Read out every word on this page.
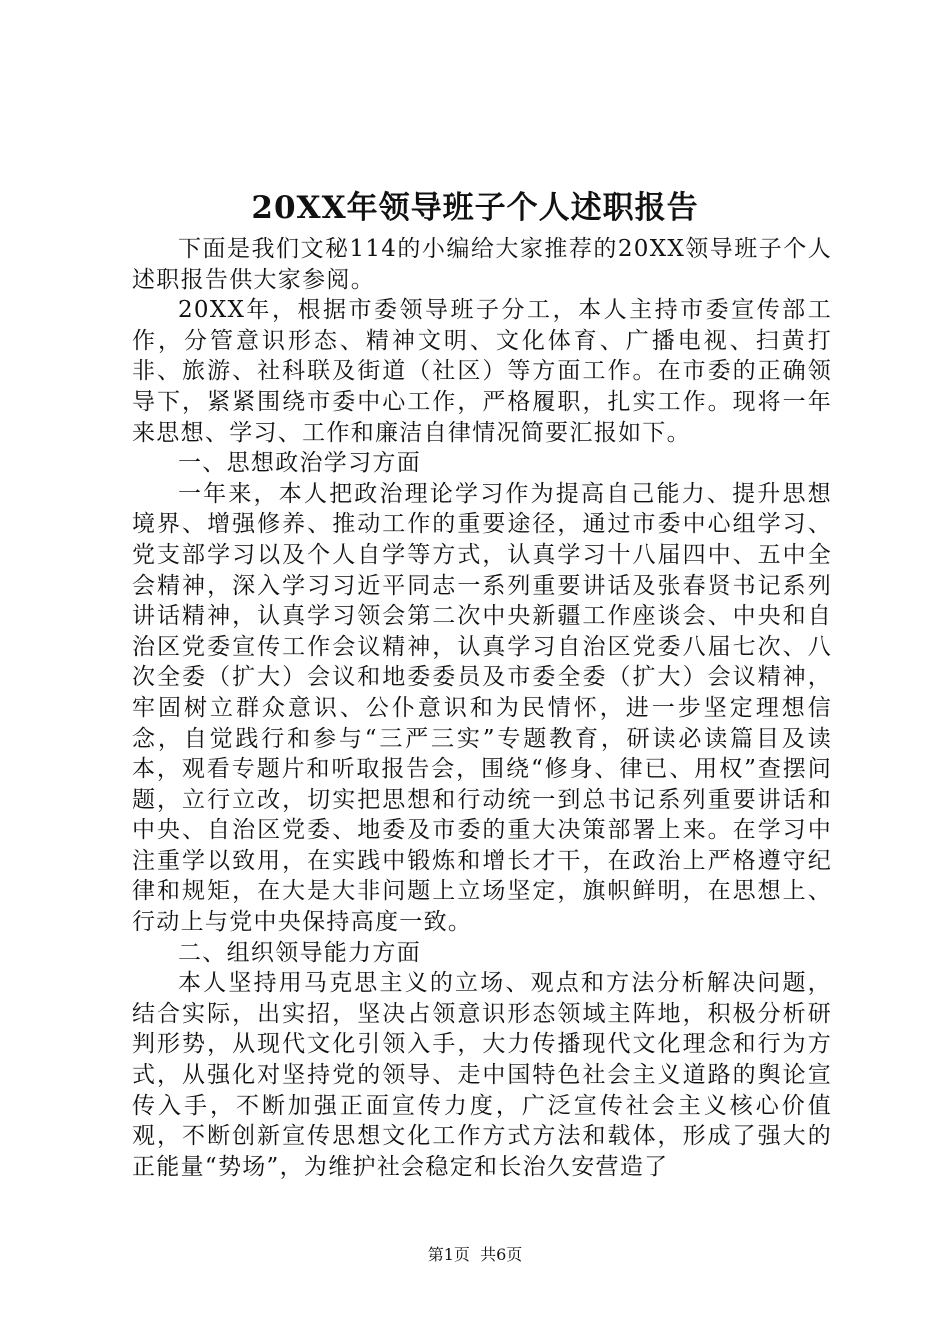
20XX年领导班子个人述职报告

下面是我们文秘114的小编给大家推荐的20XX领导班子个人述职报告供大家参阅。

20XX年，根据市委领导班子分工，本人主持市委宣传部工作，分管意识形态、精神文明、文化体育、广播电视、扫黄打非、旅游、社科联及街道（社区）等方面工作。在市委的正确领导下，紧紧围绕市委中心工作，严格履职，扎实工作。现将一年来思想、学习、工作和廉洁自律情况简要汇报如下。

一、思想政治学习方面

一年来，本人把政治理论学习作为提高自己能力、提升思想境界、增强修养、推动工作的重要途径，通过市委中心组学习、党支部学习以及个人自学等方式，认真学习十八届四中、五中全会精神，深入学习习近平同志一系列重要讲话及张春贤书记系列讲话精神，认真学习领会第二次中央新疆工作座谈会、中央和自治区党委宣传工作会议精神，认真学习自治区党委八届七次、八次全委（扩大）会议和地委委员及市委全委（扩大）会议精神，牢固树立群众意识、公仆意识和为民情怀，进一步坚定理想信念，自觉践行和参与“三严三实”专题教育，研读必读篇目及读本，观看专题片和听取报告会，围绕“修身、律已、用权”查摆问题，立行立改，切实把思想和行动统一到总书记系列重要讲话和中央、自治区党委、地委及市委的重大决策部署上来。在学习中注重学以致用，在实践中锻炼和增长才干，在政治上严格遵守纪律和规矩，在大是大非问题上立场坚定，旗帜鲜明，在思想上、行动上与党中央保持高度一致。

二、组织领导能力方面

本人坚持用马克思主义的立场、观点和方法分析解决问题，结合实际，出实招，坚决占领意识形态领域主阵地，积极分析研判形势，从现代文化引领入手，大力传播现代文化理念和行为方式，从强化对坚持党的领导、走中国特色社会主义道路的舆论宣传入手，不断加强正面宣传力度，广泛宣传社会主义核心价值观，不断创新宣传思想文化工作方式方法和载体，形成了强大的正能量“势场”，为维护社会稳定和长治久安营造了

第1页 共6页
